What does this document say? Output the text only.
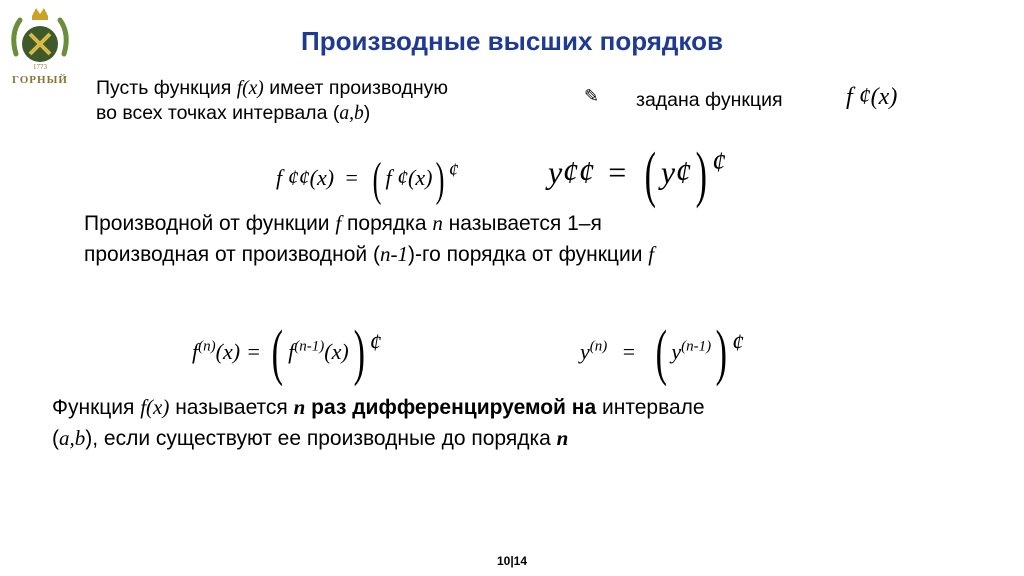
1773
ГОРНЫЙ
Производные высших порядков
Пусть функция f(x) имеет производную
во всех точках интервала (a,b)
✎ задана функция	f ¢(x)
f ¢¢(x) = ( f ¢(x)) ¢	y¢¢ = ( y¢) ¢
Производной от функции f порядка n называется 1–я
производная от производной (n-1)-го порядка от функции f
$f^{(n)}(x)$ = ( $f^{(n-1)}(x)$) ¢	$y^{(n)}$ = ( $y^{(n-1)}$) ¢
Функция f(x) называется n раз дифференцируемой на интервале
(a,b), если существуют ее производные до порядка n
10|14
